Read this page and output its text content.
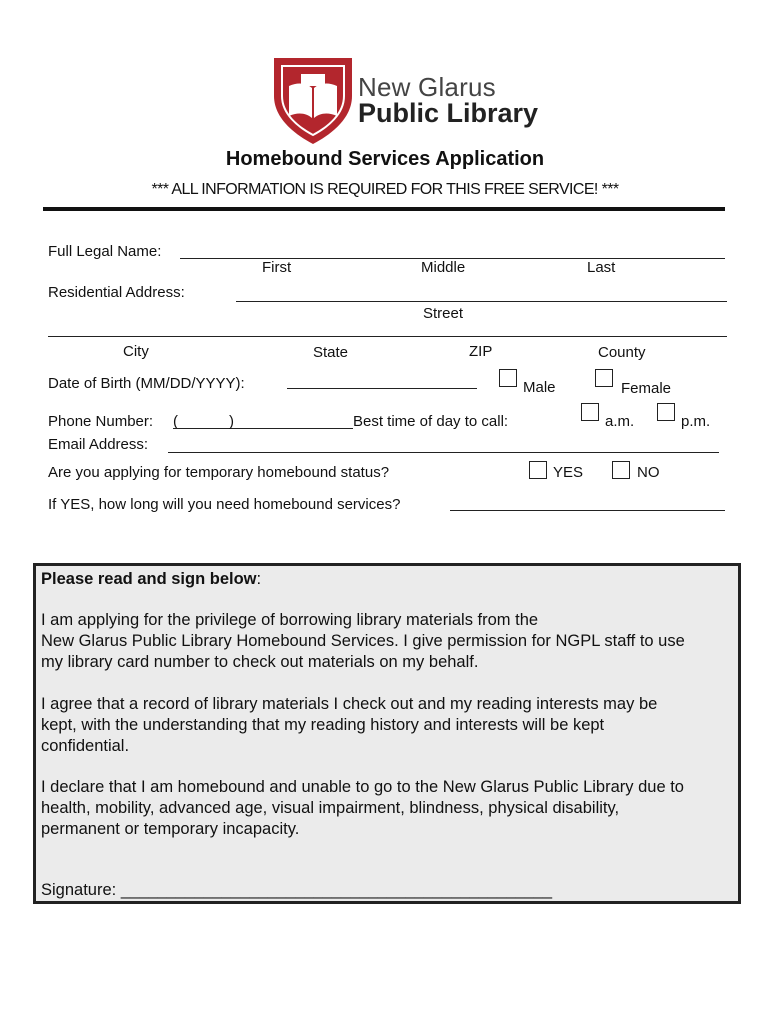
New Glarus
Public Library
Homebound Services Application
*** ALL INFORMATION IS REQUIRED FOR THIS FREE SERVICE! ***
Full Legal Name:
First	Middle	Last
Residential Address:
Street
City	State	ZIP	County
Date of Birth (MM/DD/YYYY):	Male	Female
Phone Number: (	)	Best time of day to call:	a.m.	p.m.
Email Address:
Are you applying for temporary homebound status?	YES	NO
If YES, how long will you need homebound services?
Please read and sign below:
I am applying for the privilege of borrowing library materials from the
New Glarus Public Library Homebound Services. I give permission for NGPL staff to use
my library card number to check out materials on my behalf.
I agree that a record of library materials I check out and my reading interests may be
kept, with the understanding that my reading history and interests will be kept
confidential.
I declare that I am homebound and unable to go to the New Glarus Public Library due to
health, mobility, advanced age, visual impairment, blindness, physical disability,
permanent or temporary incapacity.
Signature: _______________________________________________
